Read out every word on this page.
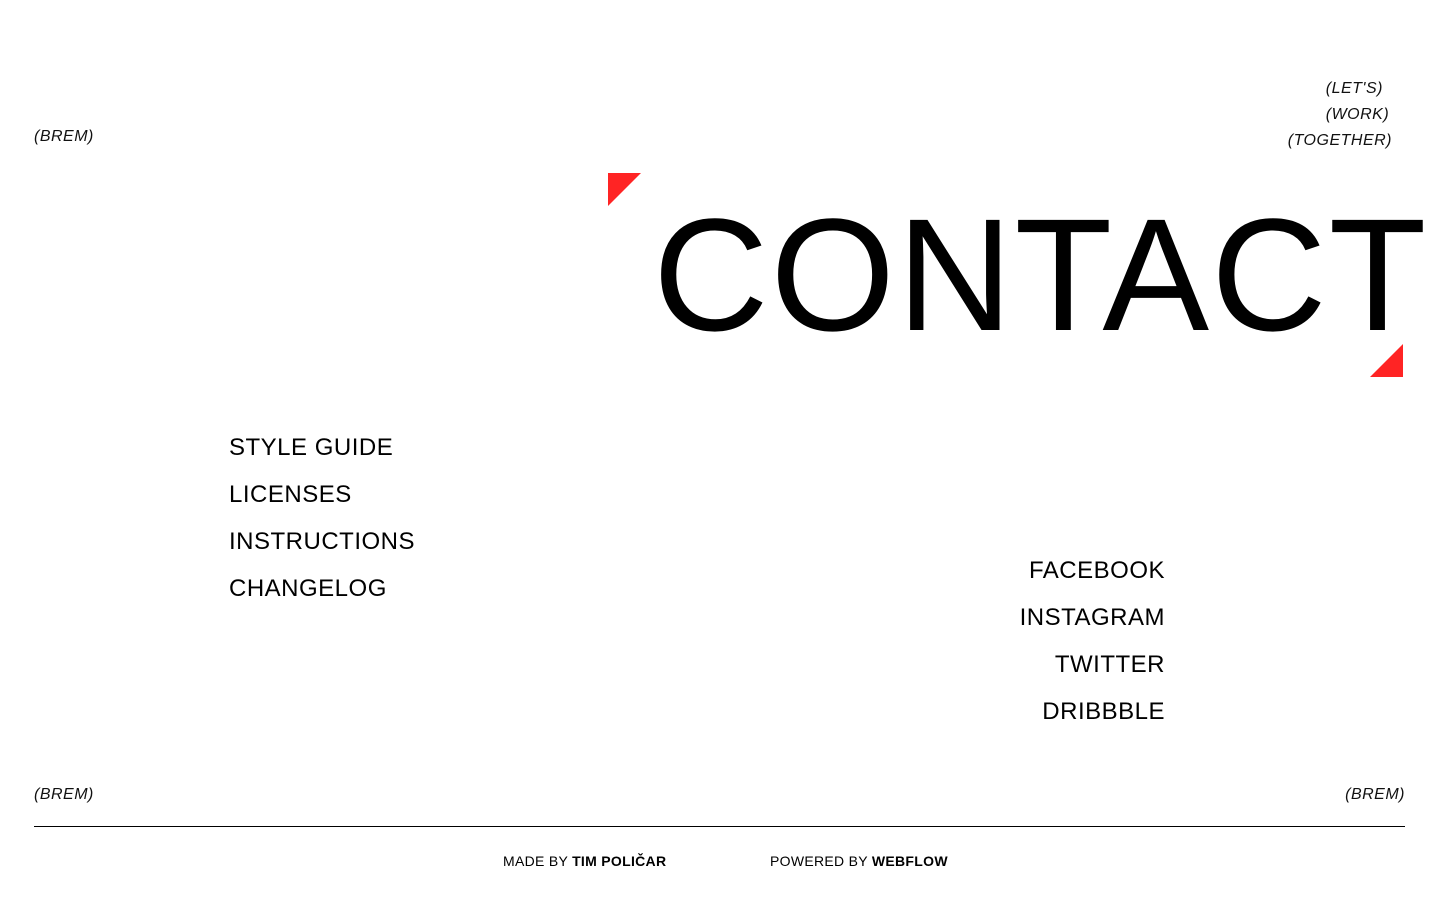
(BREM)
(LET'S)
(WORK)
(TOGETHER)
CONTACT
STYLE GUIDE
LICENSES
INSTRUCTIONS
CHANGELOG
FACEBOOK
INSTAGRAM
TWITTER
DRIBBBLE
(BREM)	(BREM)
MADE BY TIM POLIČAR	POWERED BY WEBFLOW
